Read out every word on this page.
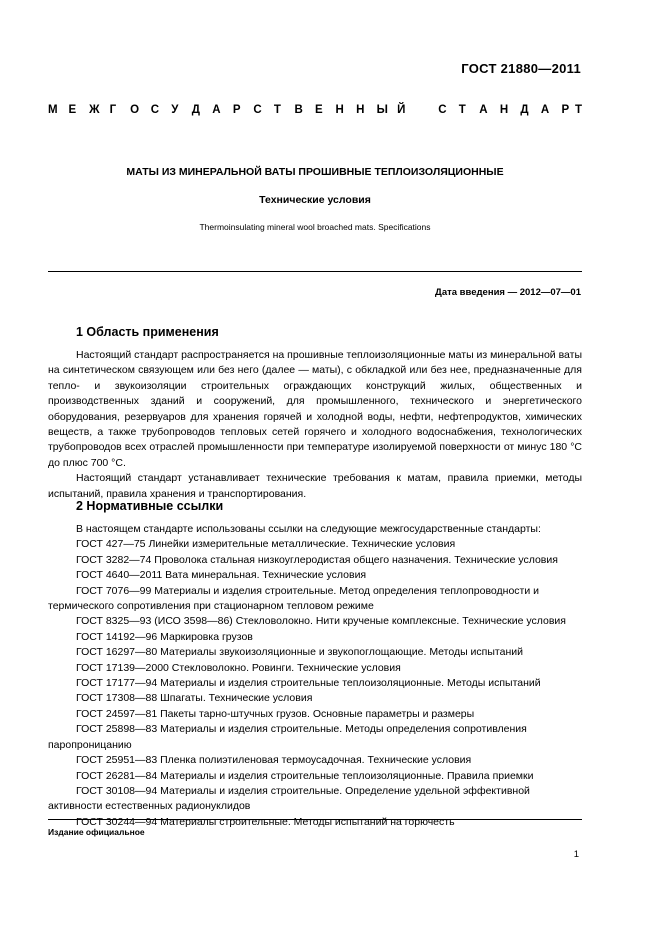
ГОСТ 21880—2011
М Е Ж Г О С У Д А Р С Т В Е Н Н Ы Й
	С Т А Н Д А Р Т
МАТЫ ИЗ МИНЕРАЛЬНОЙ ВАТЫ ПРОШИВНЫЕ ТЕПЛОИЗОЛЯЦИОННЫЕ
Технические условия
Thermoinsulating mineral wool broached mats. Specifications
Дата введения — 2012—07—01
1 Область применения

Настоящий стандарт распространяется на прошивные теплоизоляционные маты из минеральной ваты на синтетическом связующем или без него (далее — маты), с обкладкой или без нее, предназначенные для тепло- и звукоизоляции строительных ограждающих конструкций жилых, общественных и производственных зданий и сооружений, для промышленного, технического и энергетического оборудования, резервуаров для хранения горячей и холодной воды, нефти, нефтепродуктов, химических веществ, а также трубопроводов тепловых сетей горячего и холодного водоснабжения, технологических трубопроводов всех отраслей промышленности при температуре изолируемой поверхности от минус 180 °С до плюс 700 °С.

Настоящий стандарт устанавливает технические требования к матам, правила приемки, методы испытаний, правила хранения и транспортирования.

2 Нормативные ссылки

В настоящем стандарте использованы ссылки на следующие межгосударственные стандарты:

ГОСТ 427—75 Линейки измерительные металлические. Технические условия

ГОСТ 3282—74 Проволока стальная низкоуглеродистая общего назначения. Технические условия

ГОСТ 4640—2011 Вата минеральная. Технические условия

ГОСТ 7076—99 Материалы и изделия строительные. Метод определения теплопроводности и термического сопротивления при стационарном тепловом режиме

ГОСТ 8325—93 (ИСО 3598—86) Стекловолокно. Нити крученые комплексные. Технические условия

ГОСТ 14192—96 Маркировка грузов

ГОСТ 16297—80 Материалы звукоизоляционные и звукопоглощающие. Методы испытаний

ГОСТ 17139—2000 Стекловолокно. Ровинги. Технические условия

ГОСТ 17177—94 Материалы и изделия строительные теплоизоляционные. Методы испытаний

ГОСТ 17308—88 Шпагаты. Технические условия

ГОСТ 24597—81 Пакеты тарно-штучных грузов. Основные параметры и размеры

ГОСТ 25898—83 Материалы и изделия строительные. Методы определения сопротивления паропроницанию

ГОСТ 25951—83 Пленка полиэтиленовая термоусадочная. Технические условия

ГОСТ 26281—84 Материалы и изделия строительные теплоизоляционные. Правила приемки

ГОСТ 30108—94 Материалы и изделия строительные. Определение удельной эффективной активности естественных радионуклидов

ГОСТ 30244—94 Материалы строительные. Методы испытаний на горючесть

Издание официальное
1
